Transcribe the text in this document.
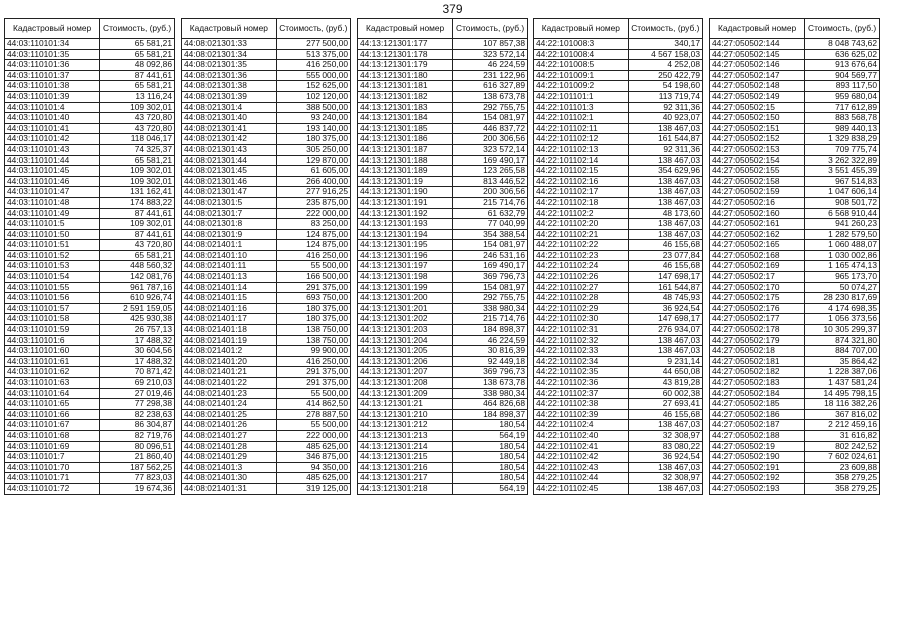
379
Кадастровый номер	Стоимость, (руб.)
44:03:110101:34	65 581,21
44:03:110101:35	65 581,21
44:03:110101:36	48 092,86
44:03:110101:37	87 441,61
44:03:110101:38	65 581,21
44:03:110101:39	13 116,24
44:03:110101:4	109 302,01
44:03:110101:40	43 720,80
44:03:110101:41	43 720,80
44:03:110101:42	118 046,17
44:03:110101:43	74 325,37
44:03:110101:44	65 581,21
44:03:110101:45	109 302,01
44:03:110101:46	109 302,01
44:03:110101:47	131 162,41
44:03:110101:48	174 883,22
44:03:110101:49	87 441,61
44:03:110101:5	109 302,01
44:03:110101:50	87 441,61
44:03:110101:51	43 720,80
44:03:110101:52	65 581,21
44:03:110101:53	448 560,32
44:03:110101:54	142 081,76
44:03:110101:55	961 787,16
44:03:110101:56	610 926,74
44:03:110101:57	2 591 159,05
44:03:110101:58	425 930,38
44:03:110101:59	26 757,13
44:03:110101:6	17 488,32
44:03:110101:60	30 604,56
44:03:110101:61	17 488,32
44:03:110101:62	70 871,42
44:03:110101:63	69 210,03
44:03:110101:64	27 019,46
44:03:110101:65	77 298,38
44:03:110101:66	82 238,63
44:03:110101:67	86 304,87
44:03:110101:68	82 719,76
44:03:110101:69	80 096,51
44:03:110101:7	21 860,40
44:03:110101:70	187 562,25
44:03:110101:71	77 823,03
44:03:110101:72	19 674,36
Кадастровый номер	Стоимость, (руб.)
44:08:021301:33	277 500,00
44:08:021301:34	513 375,00
44:08:021301:35	416 250,00
44:08:021301:36	555 000,00
44:08:021301:38	152 625,00
44:08:021301:39	102 120,00
44:08:021301:4	388 500,00
44:08:021301:40	93 240,00
44:08:021301:41	193 140,00
44:08:021301:42	180 375,00
44:08:021301:43	305 250,00
44:08:021301:44	129 870,00
44:08:021301:45	61 605,00
44:08:021301:46	266 400,00
44:08:021301:47	277 916,25
44:08:021301:5	235 875,00
44:08:021301:7	222 000,00
44:08:021301:8	83 250,00
44:08:021301:9	124 875,00
44:08:021401:1	124 875,00
44:08:021401:10	416 250,00
44:08:021401:11	55 500,00
44:08:021401:13	166 500,00
44:08:021401:14	291 375,00
44:08:021401:15	693 750,00
44:08:021401:16	180 375,00
44:08:021401:17	180 375,00
44:08:021401:18	138 750,00
44:08:021401:19	138 750,00
44:08:021401:2	99 900,00
44:08:021401:20	416 250,00
44:08:021401:21	291 375,00
44:08:021401:22	291 375,00
44:08:021401:23	55 500,00
44:08:021401:24	414 862,50
44:08:021401:25	278 887,50
44:08:021401:26	55 500,00
44:08:021401:27	222 000,00
44:08:021401:28	485 625,00
44:08:021401:29	346 875,00
44:08:021401:3	94 350,00
44:08:021401:30	485 625,00
44:08:021401:31	319 125,00
Кадастровый номер	Стоимость, (руб.)
44:13:121301:177	107 857,38
44:13:121301:178	323 572,14
44:13:121301:179	46 224,59
44:13:121301:180	231 122,96
44:13:121301:181	616 327,89
44:13:121301:182	138 673,78
44:13:121301:183	292 755,75
44:13:121301:184	154 081,97
44:13:121301:185	446 837,72
44:13:121301:186	200 306,56
44:13:121301:187	323 572,14
44:13:121301:188	169 490,17
44:13:121301:189	123 265,58
44:13:121301:19	813 446,52
44:13:121301:190	200 306,56
44:13:121301:191	215 714,76
44:13:121301:192	61 632,79
44:13:121301:193	77 040,99
44:13:121301:194	354 388,54
44:13:121301:195	154 081,97
44:13:121301:196	246 531,16
44:13:121301:197	169 490,17
44:13:121301:198	369 796,73
44:13:121301:199	154 081,97
44:13:121301:200	292 755,75
44:13:121301:201	338 980,34
44:13:121301:202	215 714,76
44:13:121301:203	184 898,37
44:13:121301:204	46 224,59
44:13:121301:205	30 816,39
44:13:121301:206	92 449,18
44:13:121301:207	369 796,73
44:13:121301:208	138 673,78
44:13:121301:209	338 980,34
44:13:121301:21	464 826,68
44:13:121301:210	184 898,37
44:13:121301:212	180,54
44:13:121301:213	564,19
44:13:121301:214	180,54
44:13:121301:215	180,54
44:13:121301:216	180,54
44:13:121301:217	180,54
44:13:121301:218	564,19
Кадастровый номер	Стоимость, (руб.)
44:22:101008:3	340,17
44:22:101008:4	4 567 158,03
44:22:101008:5	4 252,08
44:22:101009:1	250 422,79
44:22:101009:2	54 198,60
44:22:101101:1	113 719,74
44:22:101101:3	92 311,36
44:22:101102:1	40 923,07
44:22:101102:11	138 467,03
44:22:101102:12	161 544,87
44:22:101102:13	92 311,36
44:22:101102:14	138 467,03
44:22:101102:15	354 629,96
44:22:101102:16	138 467,03
44:22:101102:17	138 467,03
44:22:101102:18	138 467,03
44:22:101102:2	48 173,60
44:22:101102:20	138 467,03
44:22:101102:21	138 467,03
44:22:101102:22	46 155,68
44:22:101102:23	23 077,84
44:22:101102:24	46 155,68
44:22:101102:26	147 698,17
44:22:101102:27	161 544,87
44:22:101102:28	48 745,93
44:22:101102:29	36 924,54
44:22:101102:30	147 698,17
44:22:101102:31	276 934,07
44:22:101102:32	138 467,03
44:22:101102:33	138 467,03
44:22:101102:34	9 231,14
44:22:101102:35	44 650,08
44:22:101102:36	43 819,28
44:22:101102:37	60 002,38
44:22:101102:38	27 693,41
44:22:101102:39	46 155,68
44:22:101102:4	138 467,03
44:22:101102:40	32 308,97
44:22:101102:41	83 080,22
44:22:101102:42	36 924,54
44:22:101102:43	138 467,03
44:22:101102:44	32 308,97
44:22:101102:45	138 467,03
Кадастровый номер	Стоимость, (руб.)
44:27:050502:144	8 048 743,62
44:27:050502:145	636 625,02
44:27:050502:146	913 676,64
44:27:050502:147	904 569,77
44:27:050502:148	893 117,50
44:27:050502:149	959 680,04
44:27:050502:15	717 612,89
44:27:050502:150	883 568,78
44:27:050502:151	989 440,13
44:27:050502:152	1 329 838,29
44:27:050502:153	709 775,74
44:27:050502:154	3 262 322,89
44:27:050502:155	3 551 455,39
44:27:050502:158	967 514,83
44:27:050502:159	1 047 606,14
44:27:050502:16	908 501,72
44:27:050502:160	6 568 910,44
44:27:050502:161	941 260,23
44:27:050502:162	1 282 579,50
44:27:050502:165	1 060 488,07
44:27:050502:168	1 030 002,86
44:27:050502:169	1 165 474,13
44:27:050502:17	965 173,70
44:27:050502:170	50 074,27
44:27:050502:175	28 230 817,69
44:27:050502:176	4 174 698,35
44:27:050502:177	1 056 373,56
44:27:050502:178	10 305 299,37
44:27:050502:179	874 321,80
44:27:050502:18	884 707,00
44:27:050502:181	35 864,42
44:27:050502:182	1 228 387,06
44:27:050502:183	1 437 581,24
44:27:050502:184	14 495 798,15
44:27:050502:185	18 116 382,26
44:27:050502:186	367 816,02
44:27:050502:187	2 212 459,16
44:27:050502:188	31 616,82
44:27:050502:19	802 242,52
44:27:050502:190	7 602 024,61
44:27:050502:191	23 609,88
44:27:050502:192	358 279,25
44:27:050502:193	358 279,25
